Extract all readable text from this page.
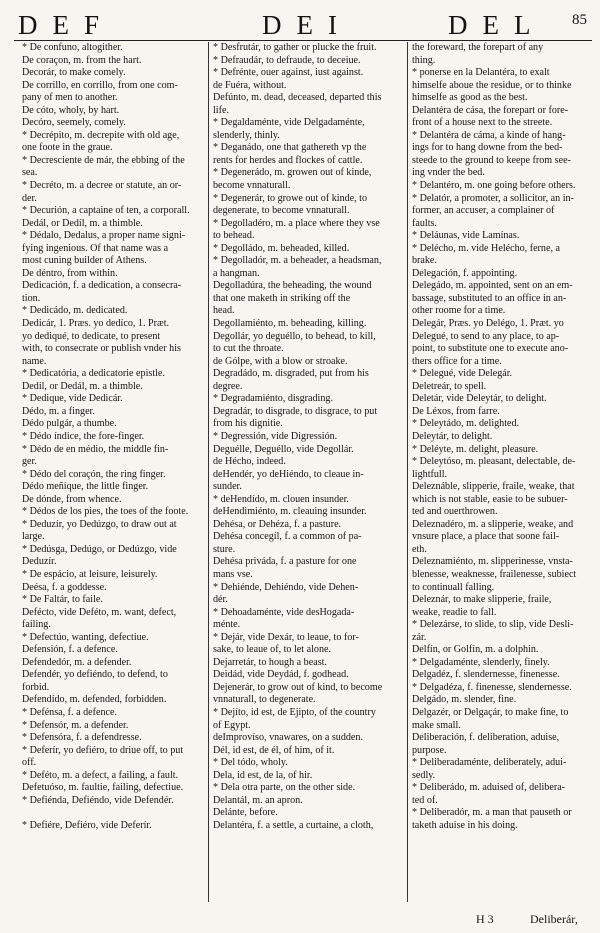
DEF	DEI	DEL 85
* De confuno, altogither.
De coraçon, m. from the hart.
Decorár, to make comely.
De corrillo, en corrillo, from one com-
pany of men to another.
De cóto, wholy, by hart.
Decóro, seemely, comely.
* Decrépito, m. decrepite with old age,
one foote in the graue.
* Decresciente de már, the ebbing of the
sea.
* Decréto, m. a decree or statute, an or-
der.
* Decurión, a captaine of ten, a corporall.
Dedál, or Dedíl, m. a thimble.
* Dédalo, Dedalus, a proper name signi-
fying ingenious. Of that name was a
most cuning builder of Athens.
De déntro, from within.
Dedicación, f. a dedication, a consecra-
tion.
* Dedicádo, m. dedicated.
Dedicár, 1. Præs. yo dedíco, 1. Præt.
yo dediqué, to dedicate, to present
with, to consecrate or publish vnder his
name.
* Dedicatória, a dedicatorie epistle.
Dedil, or Dedál, m. a thimble.
* Dedique, vide Dedicár.
Dédo, m. a finger.
Dédo pulgár, a thumbe.
* Dédo índice, the fore-finger.
* Dédo de en médio, the middle fin-
ger.
* Dédo del coraçón, the ring finger.
Dédo meñíque, the little finger.
De dónde, from whence.
* Dédos de los pies, the toes of the foote.
* Deduzír, yo Dedúzgo, to draw out at
large.
* Dedúsga, Dedúgo, or Dedúzgo, vide
Deduzír.
* De espácio, at leisure, leisurely.
Deésa, f. a goddesse.
* De Faltár, to faile.
Defécto, vide Deféto, m. want, defect,
failing.
* Defectúo, wanting, defectiue.
Defensión, f. a defence.
Defendedór, m. a defender.
Defendér, yo defiéndo, to defend, to
forbid.
Defendído, m. defended, forbidden.
* Defénsa, f. a defence.
* Defensór, m. a defender.
* Defensóra, f. a defendresse.
* Deferír, yo defiéro, to driue off, to put
off.
* Deféto, m. a defect, a failing, a fault.
Defetuóso, m. faultie, failing, defectiue.
* Defiénda, Defiéndo, vide Defendér.

* Defiére, Defiéro, vide Deferír.
* Desfrutár, to gather or plucke the fruit.
* Defraudár, to defraude, to deceiue.
* Defrénte, ouer against, iust against.
de Fuéra, without.
Defúnto, m. dead, deceased, departed this
life.
* Degaldaménte, vide Delgadaménte,
slenderly, thinly.
* Deganádo, one that gathereth vp the
rents for herdes and flockes of cattle.
* Degenerádo, m. growen out of kinde,
become vnnaturall.
* Degenerár, to growe out of kinde, to
degenerate, to become vnnaturall.
* Degolladéro, m. a place where they vse
to behead.
* Degolládo, m. beheaded, killed.
* Degolladór, m. a beheader, a headsman,
a hangman.
Degolladúra, the beheading, the wound
that one maketh in striking off the
head.
Degollamiénto, m. beheading, killing.
Degollár, yo deguéllo, to behead, to kill,
to cut the throate.
de Gólpe, with a blow or stroake.
Degradádo, m. disgraded, put from his
degree.
* Degradamiénto, disgrading.
Degradár, to disgrade, to disgrace, to put
from his dignitie.
* Degressión, vide Digressión.
Deguélle, Deguéllo, vide Degollár.
de Hécho, indeed.
deHendér, yo deHiéndo, to cleaue in-
sunder.
* deHendído, m. clouen insunder.
deHendimiénto, m. cleauing insunder.
Dehésa, or Dehéza, f. a pasture.
Dehésa concegíl, f. a common of pa-
sture.
Dehésa priváda, f. a pasture for one
mans vse.
* Dehiénde, Dehiéndo, vide Dehen-
dér.
* Dehoadaménte, vide desHogada-
ménte.
* Dejár, vide Dexár, to leaue, to for-
sake, to leaue of, to let alone.
Dejarretár, to hough a beast.
Deidád, vide Deydád, f. godhead.
Dejenerár, to grow out of kind, to become
vnnaturall, to degenerate.
* Dejíto, id est, de Ejipto, of the country
of Egypt.
deImprovíso, vnawares, on a sudden.
Dél, id est, de él, of him, of it.
* Del tódo, wholy.
Dela, id est, de la, of hir.
* Dela otra parte, on the other side.
Delantál, m. an apron.
Delánte, before.
Delantéra, f. a settle, a curtaine, a cloth,
the foreward, the forepart of any
thing.
* ponerse en la Delantéra, to exalt
himselfe aboue the residue, or to thinke
himselfe as good as the best.
Delantéra de cása, the forepart or fore-
front of a house next to the streete.
* Delantéra de cáma, a kinde of hang-
ings for to hang downe from the bed-
steede to the ground to keepe from see-
ing vnder the bed.
* Delantéro, m. one going before others.
* Delatór, a promoter, a sollicitor, an in-
former, an accuser, a complainer of
faults.
* Deláunas, vide Lamínas.
* Delécho, m. vide Heléchо, ferne, a
brake.
Delegación, f. appointing.
Delegádo, m. appointed, sent on an em-
bassage, substituted to an office in an-
other roome for a time.
Delegár, Præs. yo Delégo, 1. Præt. yo
Delegué, to send to any place, to ap-
point, to substitute one to execute ano-
thers office for a time.
* Delegué, vide Delegár.
Deletreár, to spell.
Deletár, vide Deleytár, to delight.
De Léxos, from farre.
* Deleytádo, m. delighted.
Deleytár, to delight.
* Deléyte, m. delight, pleasure.
* Deleytóso, m. pleasant, delectable, de-
lightfull.
Deleznáble, slipperie, fraile, weake, that
which is not stable, easie to be subuer-
ted and ouerthrowen.
Deleznadéro, m. a slipperie, weake, and
vnsure place, a place that soone fail-
eth.
Deleznamiénto, m. slipperinesse, vnsta-
blenesse, weaknesse, frailenesse, subiect
to continuall falling.
Deleznár, to make slipperie, fraile,
weake, readie to fall.
* Delezárse, to slide, to slip, vide Desli-
zár.
Delfín, or Golfín, m. a dolphin.
* Delgadaménte, slenderly, finely.
Delgadéz, f. slendernesse, finenesse.
* Delgadéza, f. finenesse, slendernesse.
Delgádo, m. slender, fine.
Delgazér, or Delgaçár, to make fine, to
make small.
Deliberación, f. deliberation, aduise,
purpose.
* Deliberadaménte, deliberately, adui-
sedly.
* Deliberádo, m. aduised of, delibera-
ted of.
* Deliberadór, m. a man that pauseth or
taketh aduise in his doing.
H 3	Deliberár,
